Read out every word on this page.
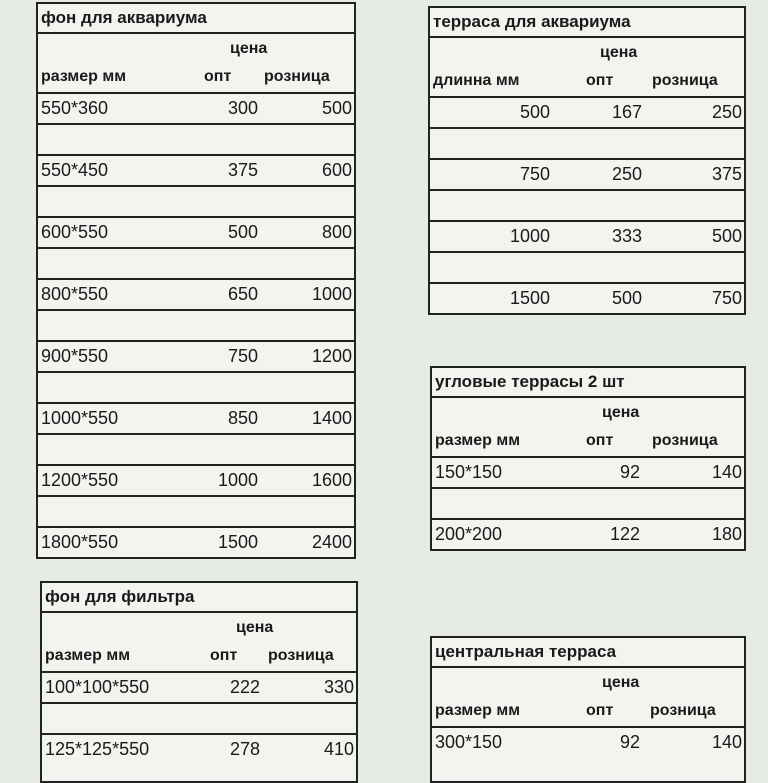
фон для аквариума
цена
размер мм	опт розница
550*360	300	500
550*450	375	600
600*550	500	800
800*550	650	1000
900*550	750	1200
1000*550	850	1400
1200*550	1000	1600
1800*550	1500	2400
терраса для аквариума
цена
длинна мм	опт розница
500	167	250
750	250	375
1000	333	500
1500	500	750
угловые террасы 2 шт
цена
размер мм	опт розница
150*150	92	140
200*200	122	180
фон для фильтра
цена
размер мм	опт розница
100*100*550	222	330
125*125*550	278	410
центральная терраса
цена
размер мм	опт розница
300*150	92	140
